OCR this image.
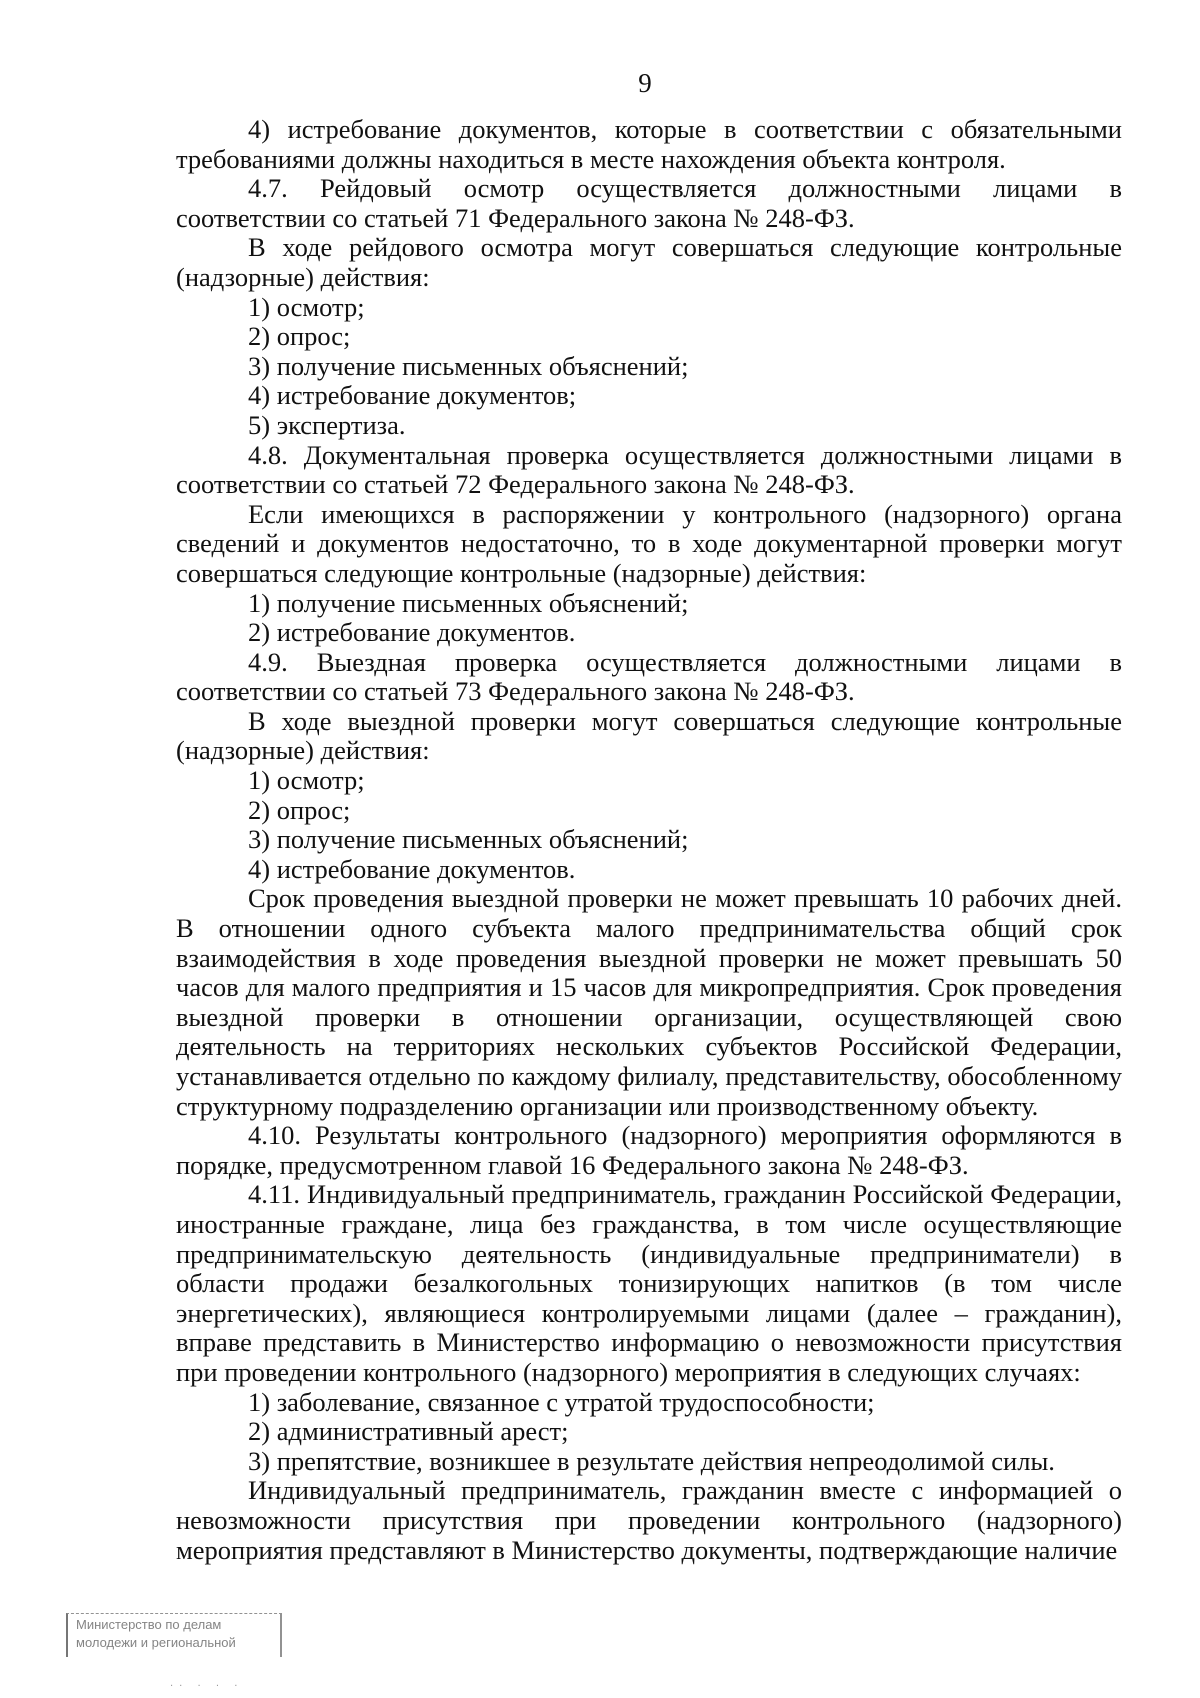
9

4) истребование документов, которые в соответствии с обязательными требованиями должны находиться в месте нахождения объекта контроля.

4.7. Рейдовый осмотр осуществляется должностными лицами в соответствии со статьей 71 Федерального закона № 248-ФЗ.

В ходе рейдового осмотра могут совершаться следующие контрольные (надзорные) действия:

1) осмотр;

2) опрос;

3) получение письменных объяснений;

4) истребование документов;

5) экспертиза.

4.8. Документальная проверка осуществляется должностными лицами в соответствии со статьей 72 Федерального закона № 248-ФЗ.

Если имеющихся в распоряжении у контрольного (надзорного) органа сведений и документов недостаточно, то в ходе документарной проверки могут совершаться следующие контрольные (надзорные) действия:

1) получение письменных объяснений;

2) истребование документов.

4.9. Выездная проверка осуществляется должностными лицами в соответствии со статьей 73 Федерального закона № 248-ФЗ.

В ходе выездной проверки могут совершаться следующие контрольные (надзорные) действия:

1) осмотр;

2) опрос;

3) получение письменных объяснений;

4) истребование документов.

Срок проведения выездной проверки не может превышать 10 рабочих дней. В отношении одного субъекта малого предпринимательства общий срок взаимодействия в ходе проведения выездной проверки не может превышать 50 часов для малого предприятия и 15 часов для микропредприятия. Срок проведения выездной проверки в отношении организации, осуществляющей свою деятельность на территориях нескольких субъектов Российской Федерации, устанавливается отдельно по каждому филиалу, представительству, обособленному структурному подразделению организации или производственному объекту.

4.10. Результаты контрольного (надзорного) мероприятия оформляются в порядке, предусмотренном главой 16 Федерального закона № 248-ФЗ.

4.11. Индивидуальный предприниматель, гражданин Российской Федерации, иностранные граждане, лица без гражданства, в том числе осуществляющие предпринимательскую деятельность (индивидуальные предприниматели) в области продажи безалкогольных тонизирующих напитков (в том числе энергетических), являющиеся контролируемыми лицами (далее – гражданин), вправе представить в Министерство информацию о невозможности присутствия при проведении контрольного (надзорного) мероприятия в следующих случаях:

1) заболевание, связанное с утратой трудоспособности;

2) административный арест;

3) препятствие, возникшее в результате действия непреодолимой силы.

Индивидуальный предприниматель, гражданин вместе с информацией о невозможности присутствия при проведении контрольного (надзорного) мероприятия представляют в Министерство документы, подтверждающие наличие

Министерство по делам
молодежи и региональной
·· · · ·
